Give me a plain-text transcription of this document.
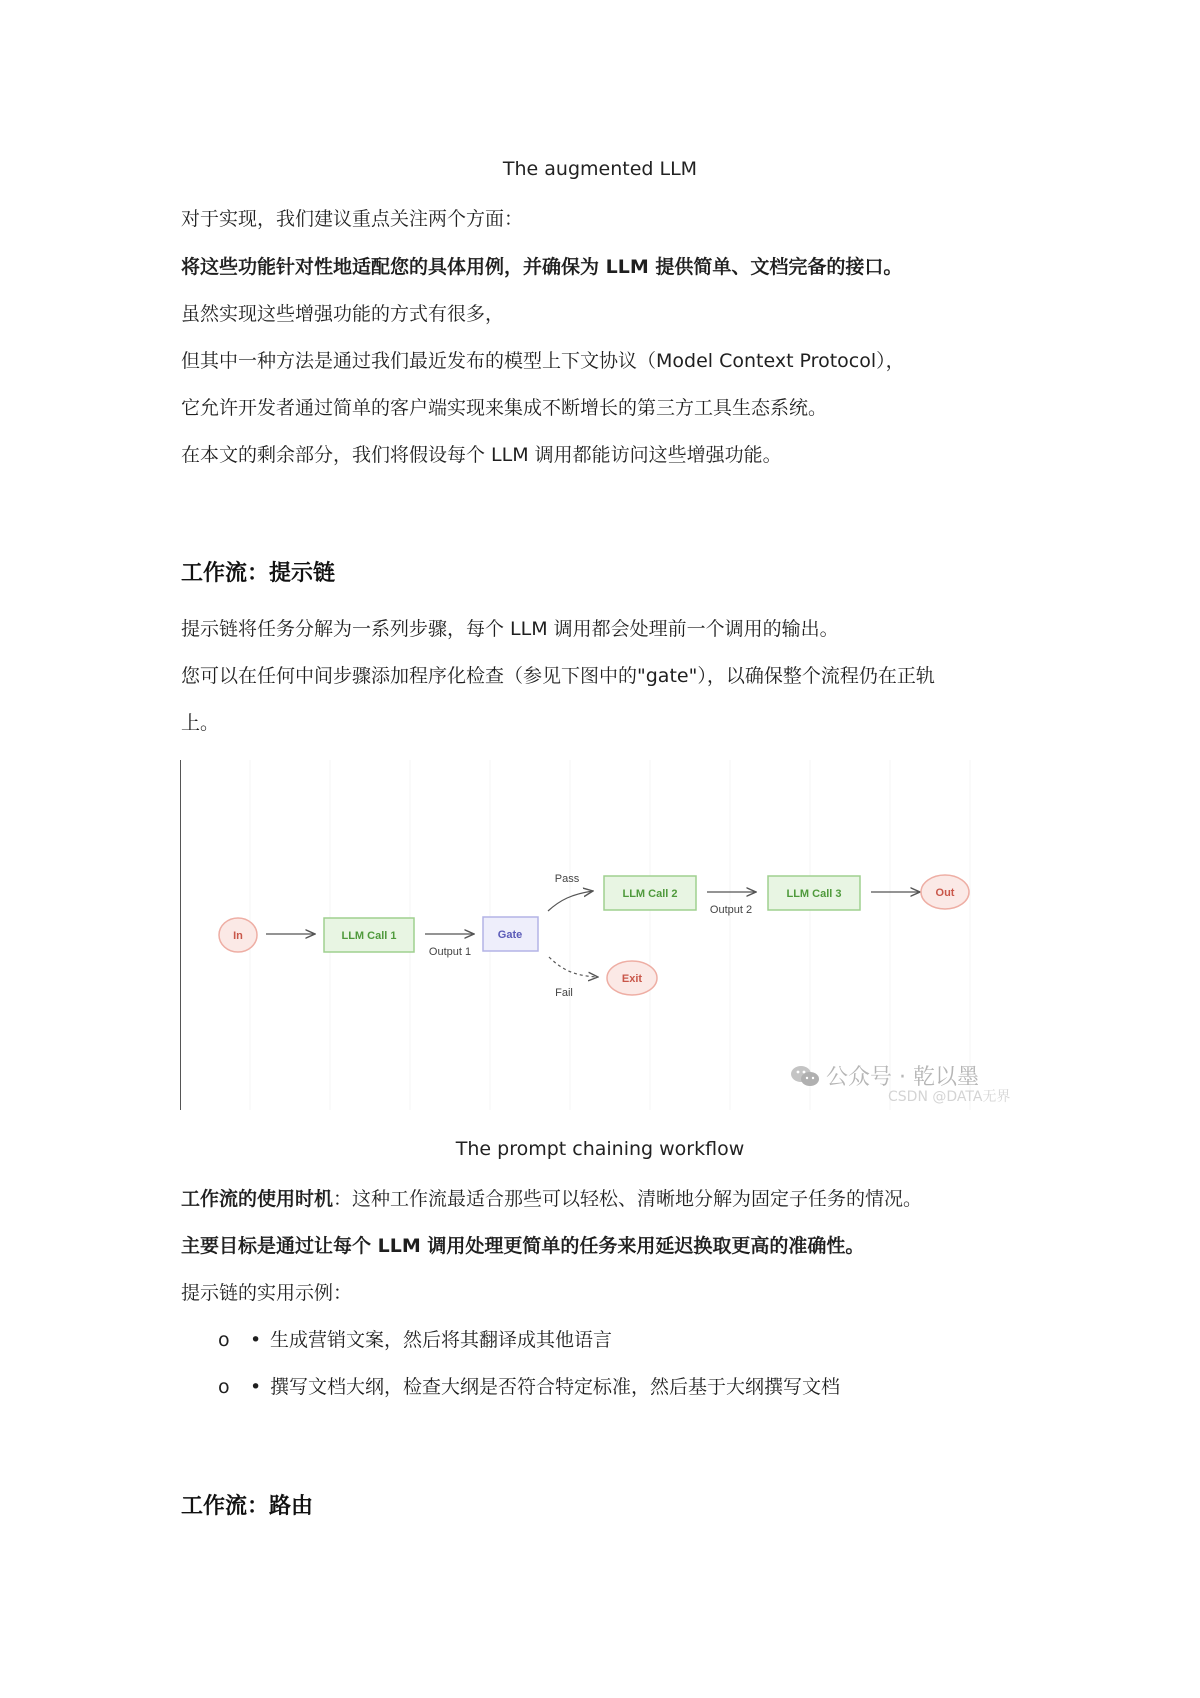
The augmented LLM
对于实现，我们建议重点关注两个方面：
将这些功能针对性地适配您的具体用例，并确保为 LLM 提供简单、文档完备的接口。
虽然实现这些增强功能的方式有很多，
但其中一种方法是通过我们最近发布的模型上下文协议（Model Context Protocol），
它允许开发者通过简单的客户端实现来集成不断增长的第三方工具生态系统。
在本文的剩余部分，我们将假设每个 LLM 调用都能访问这些增强功能。
工作流：提示链
提示链将任务分解为一系列步骤，每个 LLM 调用都会处理前一个调用的输出。
您可以在任何中间步骤添加程序化检查（参见下图中的"gate"），以确保整个流程仍在正轨
上。
In	LLM Call 1
Output 1
Gate
Pass
Fail
LLM Call 2
Output 2
LLM Call 3	Out
Exit
公众号 · 乾以墨
CSDN @DATA无界
The prompt chaining workflow
工作流的使用时机：这种工作流最适合那些可以轻松、清晰地分解为固定子任务的情况。
主要目标是通过让每个 LLM 调用处理更简单的任务来用延迟换取更高的准确性。
提示链的实用示例：
o • 生成营销文案，然后将其翻译成其他语言
o • 撰写文档大纲，检查大纲是否符合特定标准，然后基于大纲撰写文档
工作流：路由
